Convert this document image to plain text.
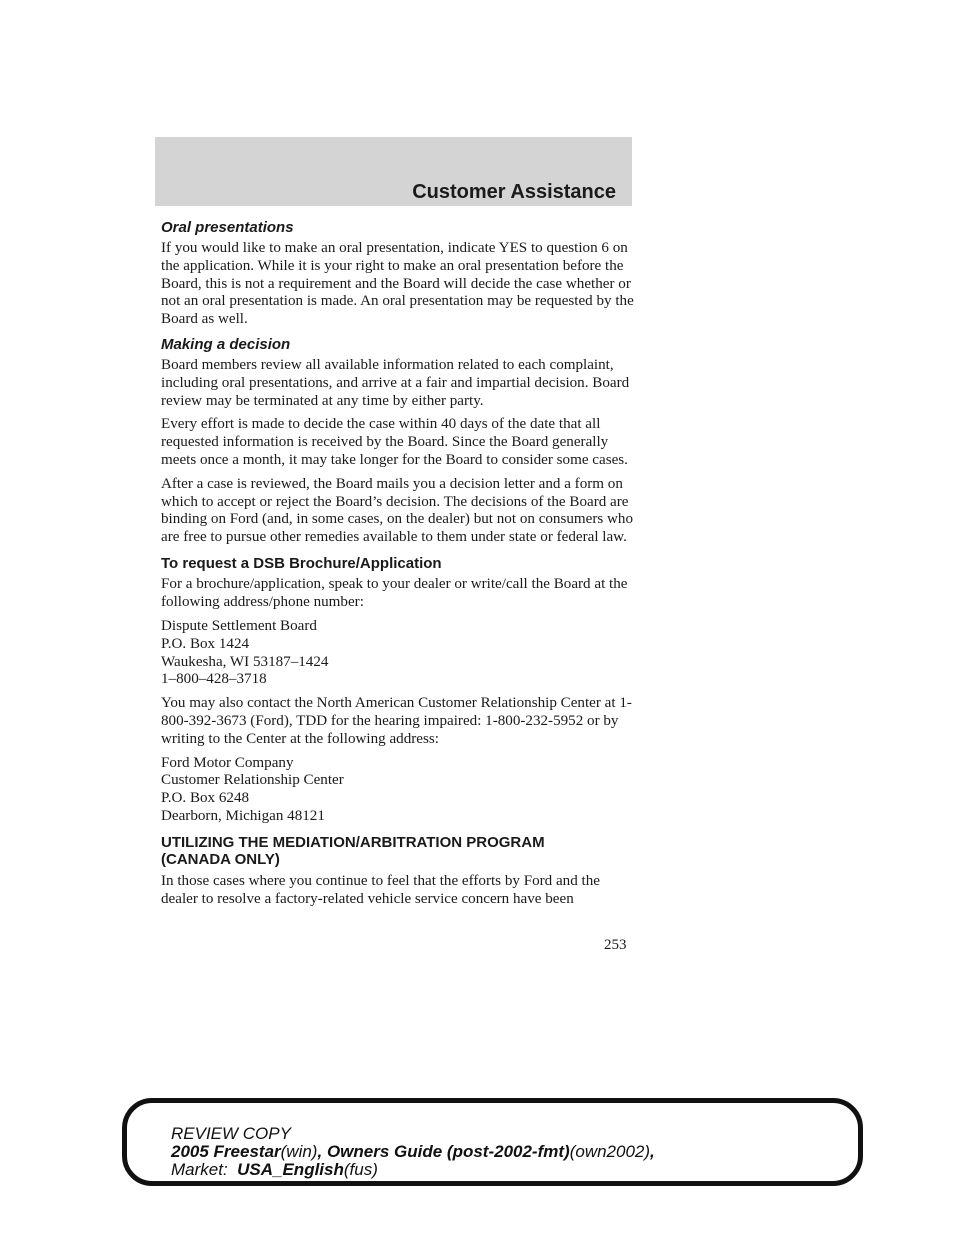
Customer Assistance
Oral presentations

If you would like to make an oral presentation, indicate YES to question 6 on the application. While it is your right to make an oral presentation before the Board, this is not a requirement and the Board will decide the case whether or not an oral presentation is made. An oral presentation may be requested by the Board as well.

Making a decision

Board members review all available information related to each complaint, including oral presentations, and arrive at a fair and impartial decision. Board review may be terminated at any time by either party.

Every effort is made to decide the case within 40 days of the date that all requested information is received by the Board. Since the Board generally meets once a month, it may take longer for the Board to consider some cases.

After a case is reviewed, the Board mails you a decision letter and a form on which to accept or reject the Board’s decision. The decisions of the Board are binding on Ford (and, in some cases, on the dealer) but not on consumers who are free to pursue other remedies available to them under state or federal law.

To request a DSB Brochure/Application

For a brochure/application, speak to your dealer or write/call the Board at the following address/phone number:

Dispute Settlement Board
P.O. Box 1424
Waukesha, WI 53187–1424
1–800–428–3718

You may also contact the North American Customer Relationship Center at 1-800-392-3673 (Ford), TDD for the hearing impaired: 1-800-232-5952 or by writing to the Center at the following address:

Ford Motor Company
Customer Relationship Center
P.O. Box 6248
Dearborn, Michigan 48121
UTILIZING THE MEDIATION/ARBITRATION PROGRAM
(CANADA ONLY)

In those cases where you continue to feel that the efforts by Ford and the dealer to resolve a factory-related vehicle service concern have been

253
REVIEW COPY
2005 Freestar(win), Owners Guide (post-2002-fmt)(own2002),
Market:  USA_English(fus)
